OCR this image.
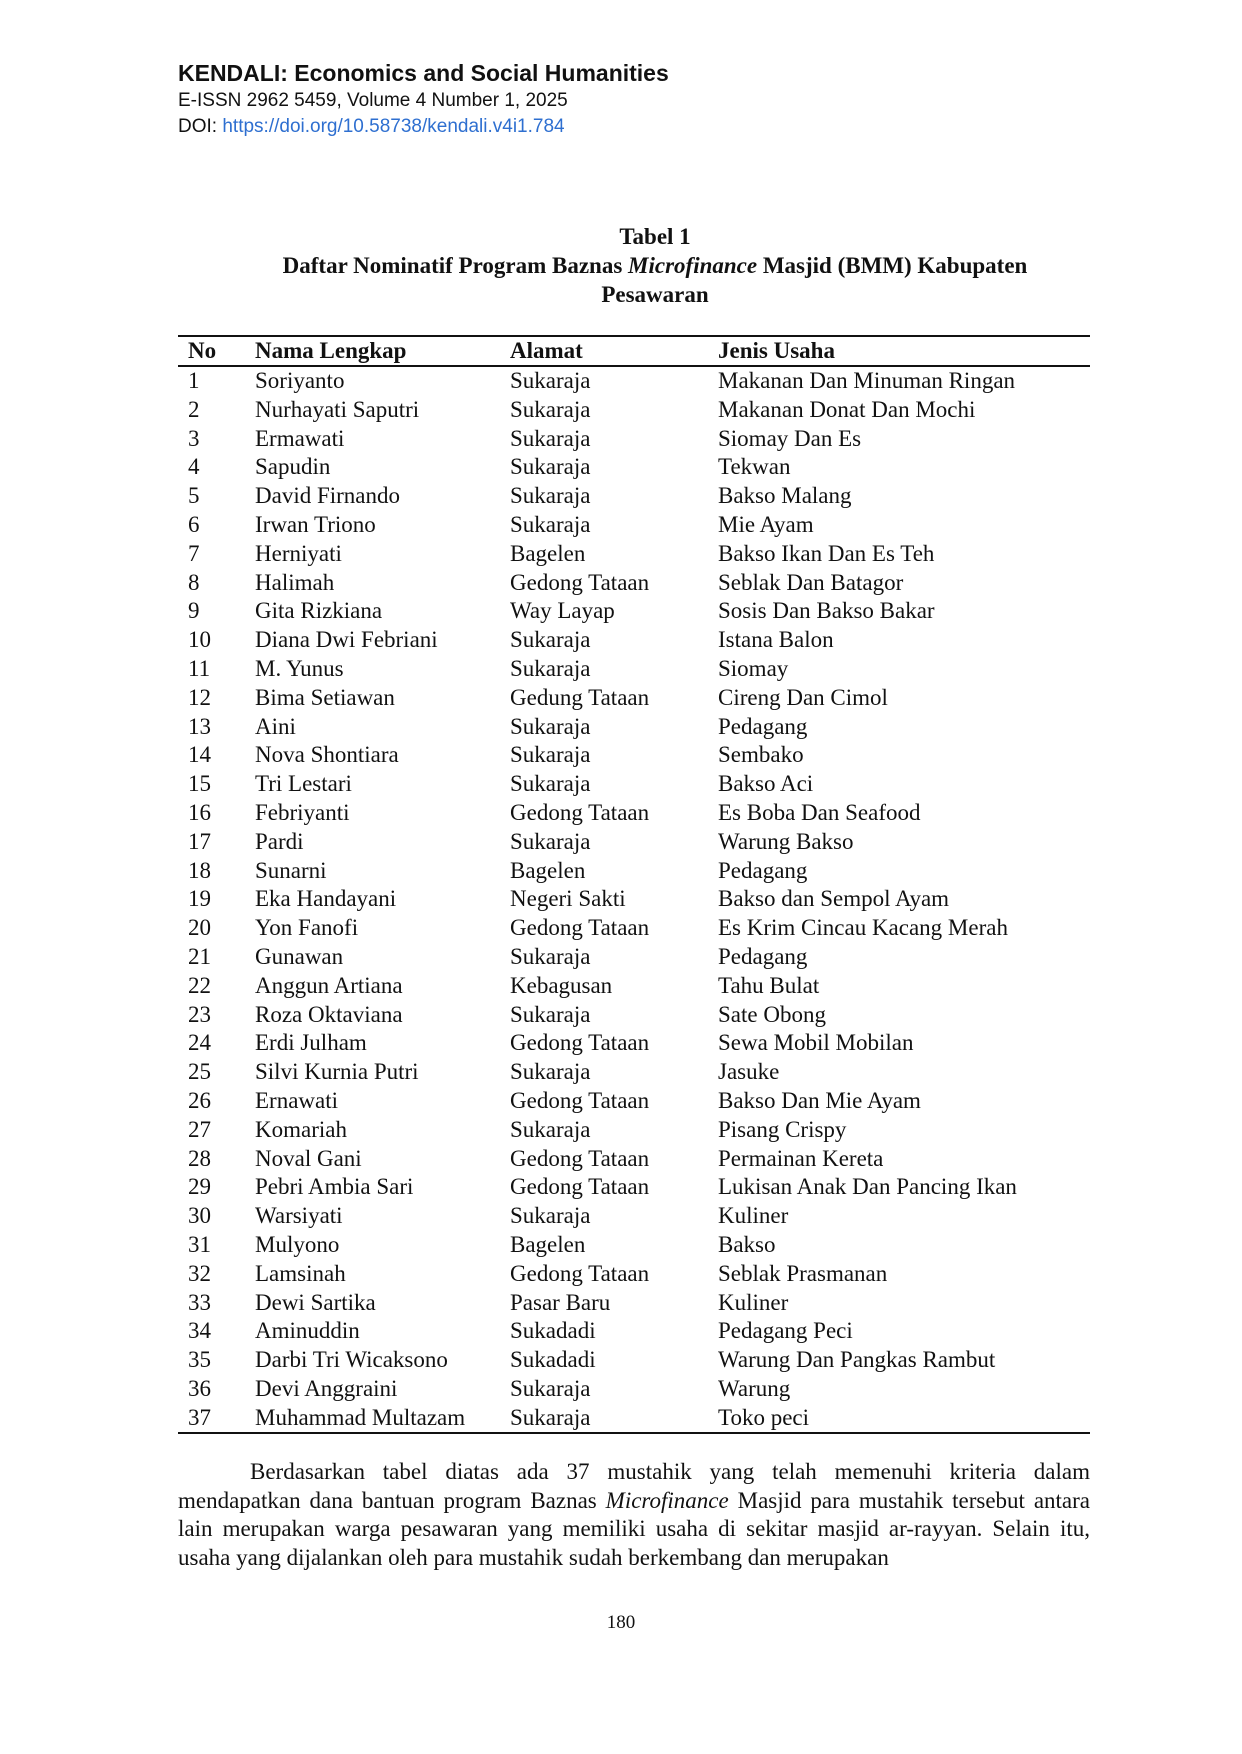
KENDALI: Economics and Social Humanities
E-ISSN 2962 5459, Volume 4 Number 1, 2025
DOI: https://doi.org/10.58738/kendali.v4i1.784
Tabel 1
Daftar Nominatif Program Baznas Microfinance Masjid (BMM) Kabupaten
Pesawaran
No	Nama Lengkap	Alamat	Jenis Usaha
1	Soriyanto	Sukaraja	Makanan Dan Minuman Ringan
2	Nurhayati Saputri	Sukaraja	Makanan Donat Dan Mochi
3	Ermawati	Sukaraja	Siomay Dan Es
4	Sapudin	Sukaraja	Tekwan
5	David Firnando	Sukaraja	Bakso Malang
6	Irwan Triono	Sukaraja	Mie Ayam
7	Herniyati	Bagelen	Bakso Ikan Dan Es Teh
8	Halimah	Gedong Tataan	Seblak Dan Batagor
9	Gita Rizkiana	Way Layap	Sosis Dan Bakso Bakar
10	Diana Dwi Febriani	Sukaraja	Istana Balon
11	M. Yunus	Sukaraja	Siomay
12	Bima Setiawan	Gedung Tataan	Cireng Dan Cimol
13	Aini	Sukaraja	Pedagang
14	Nova Shontiara	Sukaraja	Sembako
15	Tri Lestari	Sukaraja	Bakso Aci
16	Febriyanti	Gedong Tataan	Es Boba Dan Seafood
17	Pardi	Sukaraja	Warung Bakso
18	Sunarni	Bagelen	Pedagang
19	Eka Handayani	Negeri Sakti	Bakso dan Sempol Ayam
20	Yon Fanofi	Gedong Tataan	Es Krim Cincau Kacang Merah
21	Gunawan	Sukaraja	Pedagang
22	Anggun Artiana	Kebagusan	Tahu Bulat
23	Roza Oktaviana	Sukaraja	Sate Obong
24	Erdi Julham	Gedong Tataan	Sewa Mobil Mobilan
25	Silvi Kurnia Putri	Sukaraja	Jasuke
26	Ernawati	Gedong Tataan	Bakso Dan Mie Ayam
27	Komariah	Sukaraja	Pisang Crispy
28	Noval Gani	Gedong Tataan	Permainan Kereta
29	Pebri Ambia Sari	Gedong Tataan	Lukisan Anak Dan Pancing Ikan
30	Warsiyati	Sukaraja	Kuliner
31	Mulyono	Bagelen	Bakso
32	Lamsinah	Gedong Tataan	Seblak Prasmanan
33	Dewi Sartika	Pasar Baru	Kuliner
34	Aminuddin	Sukadadi	Pedagang Peci
35	Darbi Tri Wicaksono	Sukadadi	Warung Dan Pangkas Rambut
36	Devi Anggraini	Sukaraja	Warung
37	Muhammad Multazam	Sukaraja	Toko peci

Berdasarkan tabel diatas ada 37 mustahik yang telah memenuhi kriteria dalam mendapatkan dana bantuan program Baznas Microfinance Masjid para mustahik tersebut antara lain merupakan warga pesawaran yang memiliki usaha di sekitar masjid ar-rayyan. Selain itu, usaha yang dijalankan oleh para mustahik sudah berkembang dan merupakan

180
